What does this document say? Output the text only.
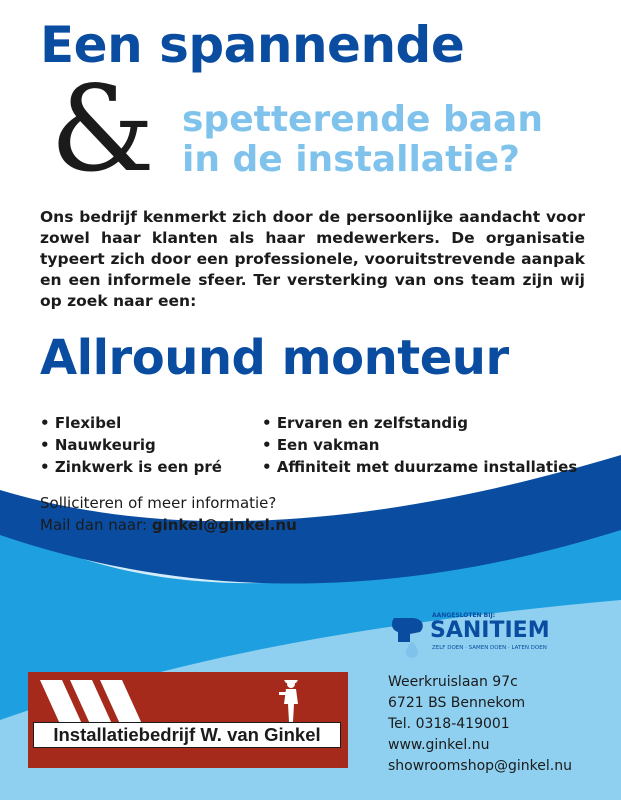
Een spannende
& spetterende baan
in de installatie?
Ons bedrijf kenmerkt zich door de persoonlijke aandacht voor zowel haar klanten als haar medewerkers. De organisatie typeert zich door een professionele, vooruitstrevende aanpak en een informele sfeer. Ter versterking van ons team zijn wij op zoek naar een:
Allround monteur
• Flexibel
• Nauwkeurig
• Zinkwerk is een pré
• Ervaren en zelfstandig
• Een vakman
• Affiniteit met duurzame installaties
Solliciteren of meer informatie?
Mail dan naar: ginkel@ginkel.nu
AANGESLOTEN BIJ:
SANITIEM
ZELF DOEN · SAMEN DOEN · LATEN DOEN
Installatiebedrijf W. van Ginkel
Weerkruislaan 97c
6721 BS Bennekom
Tel. 0318-419001
www.ginkel.nu
showroomshop@ginkel.nu
